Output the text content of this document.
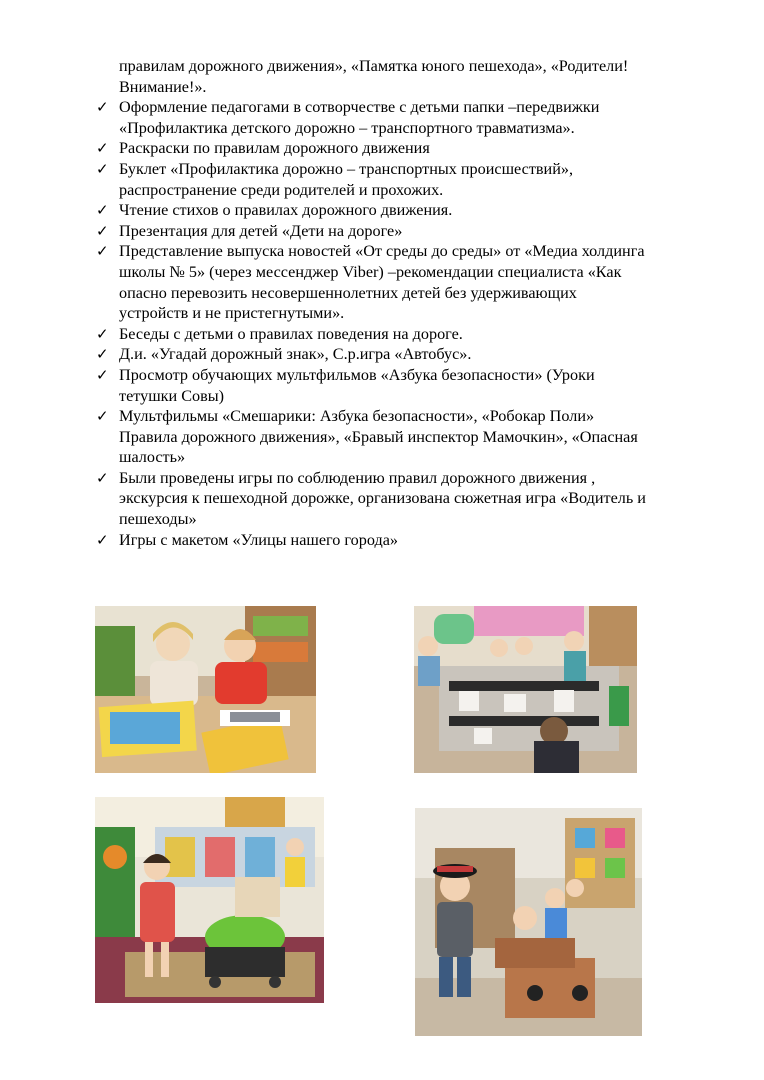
правилам дорожного движения», «Памятка юного пешехода», «Родители!
Внимание!».
✓ Оформление педагогами в сотворчестве с детьми папки –передвижки
«Профилактика детского дорожно – транспортного травматизма».
✓ Раскраски по правилам дорожного движения
✓ Буклет «Профилактика дорожно – транспортных происшествий»,
распространение среди родителей и прохожих.
✓ Чтение стихов о правилах дорожного движения.
✓ Презентация для детей «Дети на дороге»
✓ Представление выпуска новостей «От среды до среды» от «Медиа холдинга
школы № 5» (через мессенджер Viber) –рекомендации специалиста «Как
опасно перевозить несовершеннолетних детей без удерживающих
устройств и не пристегнутыми».
✓ Беседы с детьми о правилах поведения на дороге.
✓ Д.и. «Угадай дорожный знак», С.р.игра «Автобус».
✓ Просмотр обучающих мультфильмов «Азбука безопасности» (Уроки
тетушки Совы)
✓ Мультфильмы «Смешарики: Азбука безопасности», «Робокар Поли»
Правила дорожного движения», «Бравый инспектор Мамочкин», «Опасная
шалость»
✓ Были проведены игры по соблюдению правил дорожного движения ,
экскурсия к пешеходной дорожке, организована сюжетная игра «Водитель и
пешеходы»
✓ Игры с макетом «Улицы нашего города»
